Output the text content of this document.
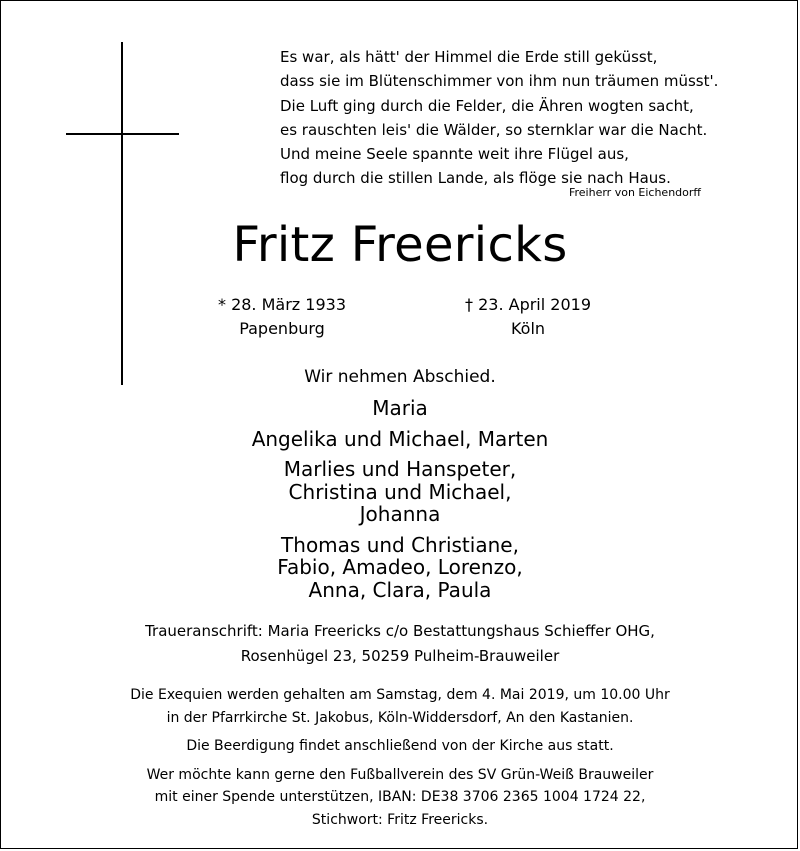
Es war, als hätt' der Himmel die Erde still geküsst,
dass sie im Blütenschimmer von ihm nun träumen müsst'.
Die Luft ging durch die Felder, die Ähren wogten sacht,
es rauschten leis' die Wälder, so sternklar war die Nacht.
Und meine Seele spannte weit ihre Flügel aus,
flog durch die stillen Lande, als flöge sie nach Haus.
Freiherr von Eichendorff
Fritz Freericks
* 28. März 1933
Papenburg
† 23. April 2019
Köln
Wir nehmen Abschied.
Maria
Angelika und Michael, Marten
Marlies und Hanspeter,
Christina und Michael,
Johanna
Thomas und Christiane,
Fabio, Amadeo, Lorenzo,
Anna, Clara, Paula
Traueranschrift: Maria Freericks c/o Bestattungshaus Schieffer OHG,
Rosenhügel 23, 50259 Pulheim-Brauweiler
Die Exequien werden gehalten am Samstag, dem 4. Mai 2019, um 10.00 Uhr
in der Pfarrkirche St. Jakobus, Köln-Widdersdorf, An den Kastanien.
Die Beerdigung findet anschließend von der Kirche aus statt.
Wer möchte kann gerne den Fußballverein des SV Grün-Weiß Brauweiler
mit einer Spende unterstützen, IBAN: DE38 3706 2365 1004 1724 22,
Stichwort: Fritz Freericks.
